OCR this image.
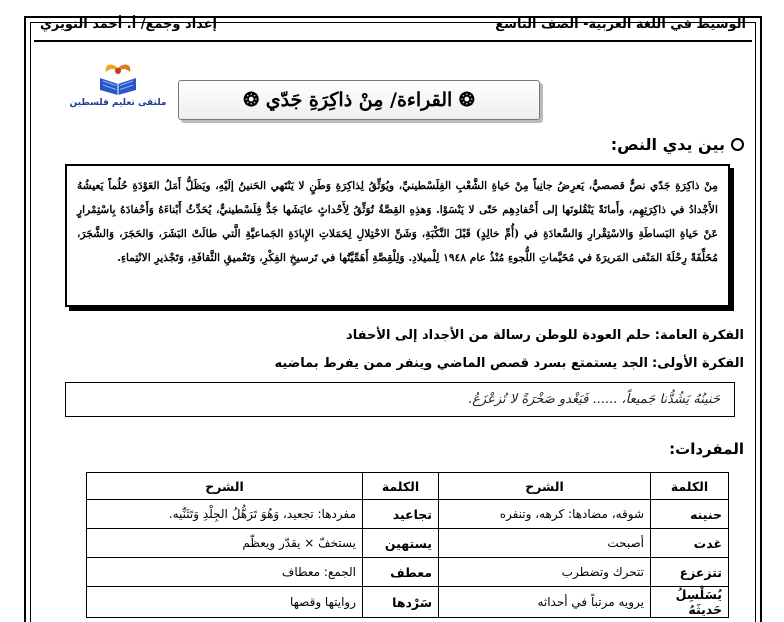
الوسيط في اللغة العربية- الصف التاسع
إعداد وجمع/ أ. أحمد النويري
ملتقى تعليم فلسطين	❂ القراءة/ مِنْ ذاكِرَةِ جَدّي ❂
بين يدي النص:
مِنْ ذاكِرَةِ جَدّي نصٌّ قصصيٌّ، يَعرِضُ جانِباً مِنْ حَياةِ الشَّعْبِ الفِلَسْطينيِّ، ويُوَثِّقُ لِذاكِرَةِ وَطَنٍ لا يَنْتَهي الحَنينُ إلَيْهِ، ويَظَلُّ أَمَلُ العَوْدَةِ حُلُماً يَعيشُهُ الأَجْدادُ في ذاكِرَتِهِم، وأَمانَةً يَنْقُلونَها إلى أَحْفادِهِم حَتّى لا يَنْسَوْا. وَهذِهِ القِصَّةُ تُوَثِّقُ لِأَحْداثٍ عايَشَها جَدٌّ فِلَسْطينيٌّ، يُحَدِّثُ أَبْناءَهُ وَأَحْفادَهُ بِاسْتِمْرارٍ عَنْ حَياةِ البَساطَةِ وَالاسْتِقْرارِ وَالسَّعادَةِ في (أُمِّ خالِدٍ) قَبْلَ النَّكْبَةِ، وَشَنِّ الاحْتِلالِ لِحَمَلاتِ الإِبادَةِ الجَماعيَّةِ الَّتي طالَتْ البَشَرَ، وَالحَجَرَ، وَالشَّجَرَ، مُخَلِّفَةً رِحْلَةَ المَنْفى المَريرَةَ في مُخَيَّماتِ اللُّجوءِ مُنْذُ عام ١٩٤٨ لِلْميلادِ. وَلِلْقِصَّةِ أَهَمِّيَّتُها في تَرسيخِ الفِكْرِ، وَتَعْميقِ الثَّقافَةِ، وَتَجْذيرِ الانْتِماءِ.
الفكرة العامة:
حلم العودة للوطن رسالة من الأجداد إلى الأحفاد
الفكرة الأولى:
الجد يستمتع بسرد قصص الماضي وينفر ممن يفرط بماضيه
حَنينُهُ يَشُدُّنا جَميعاً، ...... فَيَغْدو صَخْرَةً لا تُزعْزَعُ.
المفردات:
الكلمة	الشرح	الكلمة	الشرح
حنينه	شوقه، مضادها: كرهه، وتنفره	تجاعيد	مفردها: تجعيد، وَهُوَ تَرَهُّلُ الجِلْدِ وَتَثَنِّيه.
غدت	أصبحت	يستهين	يستخفّ × يقدّر ويعظّم
تتزعزع	تتحرك وتضطرب	معطف	الجمع: معطاف
يُسَلْسِلُ حَديثَهُ	يرويه مرتباً في أحداثه	سَرْدها	روايتها وقصها
